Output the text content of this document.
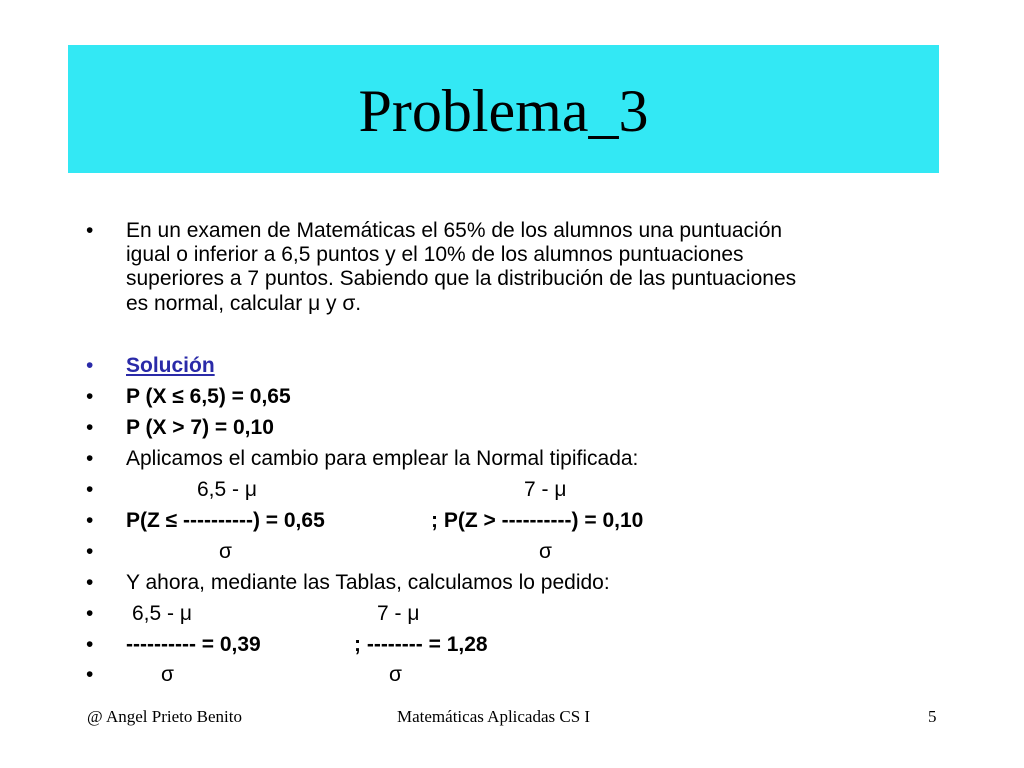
Problema_3
• En un examen de Matemáticas el 65% de los alumnos una puntuación
igual o inferior a 6,5 puntos y el 10% de los alumnos puntuaciones
superiores a 7 puntos. Sabiendo que la distribución de las puntuaciones
es normal, calcular μ y σ.
• Solución
• P (X ≤ 6,5) = 0,65
• P (X > 7) = 0,10
• Aplicamos el cambio para emplear la Normal tipificada:
•	6,5 - μ	7 - μ
• P(Z ≤ ----------) = 0,65	; P(Z > ----------) = 0,10
•	σ	σ
• Y ahora, mediante las Tablas, calculamos lo pedido:
• 6,5 - μ	7 - μ
• ---------- = 0,39	; -------- = 1,28
•	σ	σ
@ Angel Prieto Benito	Matemáticas Aplicadas CS I	5
